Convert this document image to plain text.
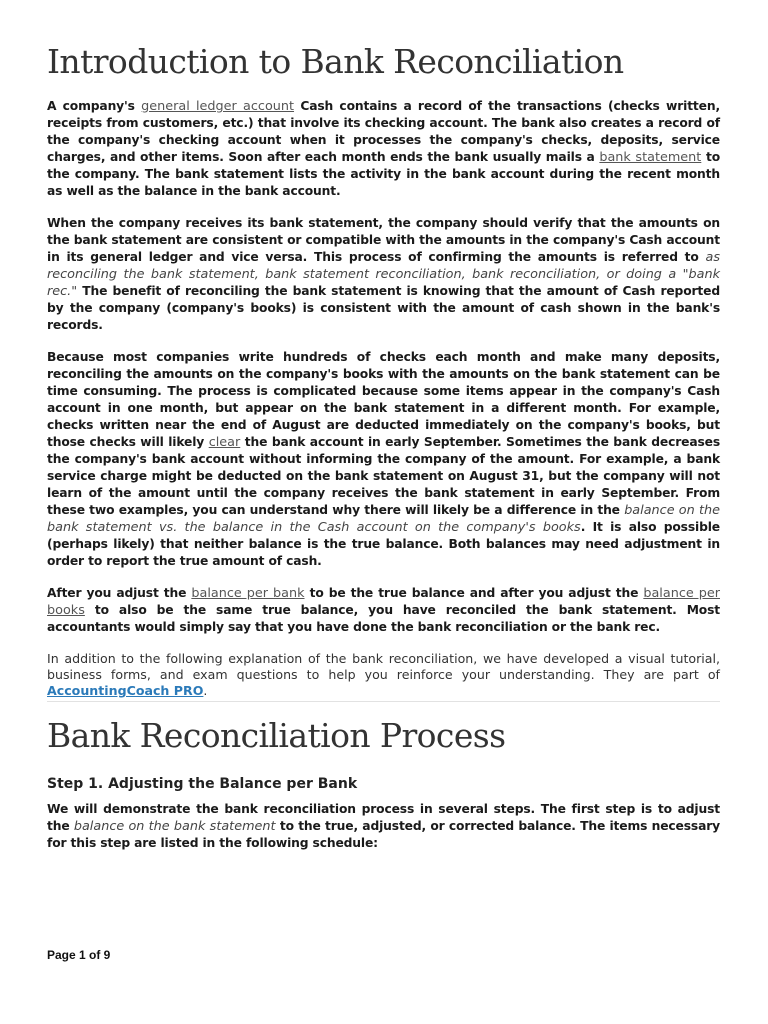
Introduction to Bank Reconciliation

A company's general ledger account Cash contains a record of the transactions (checks written, receipts from customers, etc.) that involve its checking account. The bank also creates a record of the company's checking account when it processes the company's checks, deposits, service charges, and other items. Soon after each month ends the bank usually mails a bank statement to the company. The bank statement lists the activity in the bank account during the recent month as well as the balance in the bank account.

When the company receives its bank statement, the company should verify that the amounts on the bank statement are consistent or compatible with the amounts in the company's Cash account in its general ledger and vice versa. This process of confirming the amounts is referred to as reconciling the bank statement, bank statement reconciliation, bank reconciliation, or doing a "bank rec." The benefit of reconciling the bank statement is knowing that the amount of Cash reported by the company (company's books) is consistent with the amount of cash shown in the bank's records.

Because most companies write hundreds of checks each month and make many deposits, reconciling the amounts on the company's books with the amounts on the bank statement can be time consuming. The process is complicated because some items appear in the company's Cash account in one month, but appear on the bank statement in a different month. For example, checks written near the end of August are deducted immediately on the company's books, but those checks will likely clear the bank account in early September. Sometimes the bank decreases the company's bank account without informing the company of the amount. For example, a bank service charge might be deducted on the bank statement on August 31, but the company will not learn of the amount until the company receives the bank statement in early September. From these two examples, you can understand why there will likely be a difference in the balance on the bank statement vs. the balance in the Cash account on the company's books. It is also possible (perhaps likely) that neither balance is the true balance. Both balances may need adjustment in order to report the true amount of cash.

After you adjust the balance per bank to be the true balance and after you adjust the balance per books to also be the same true balance, you have reconciled the bank statement. Most accountants would simply say that you have done the bank reconciliation or the bank rec.

In addition to the following explanation of the bank reconciliation, we have developed a visual tutorial, business forms, and exam questions to help you reinforce your understanding. They are part of AccountingCoach PRO.

Bank Reconciliation Process
Step 1. Adjusting the Balance per Bank

We will demonstrate the bank reconciliation process in several steps. The first step is to adjust the balance on the bank statement to the true, adjusted, or corrected balance. The items necessary for this step are listed in the following schedule:

Page 1 of 9
